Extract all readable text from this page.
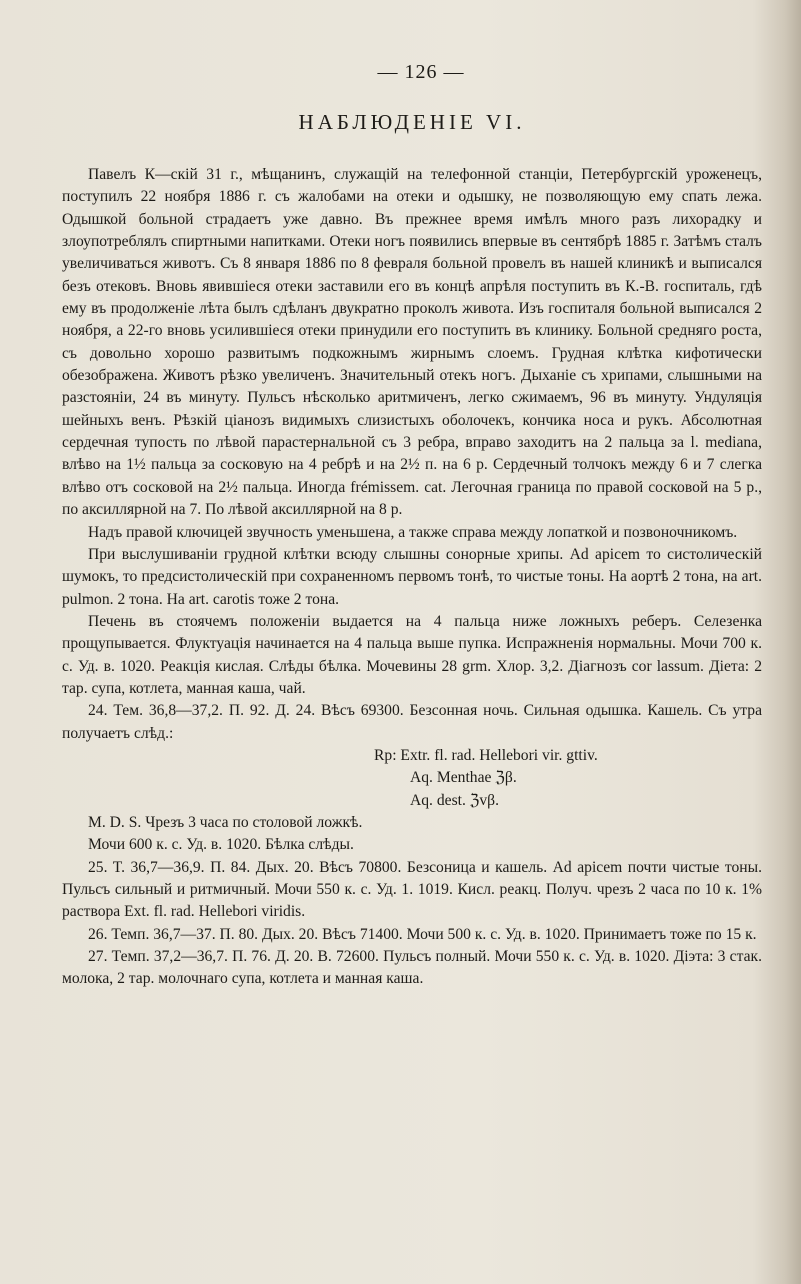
— 126 —
НАБЛЮДЕНІЕ VI.

Павелъ К—скій 31 г., мѣщанинъ, служащій на телефонной станціи, Петербургскій уроженецъ, поступилъ 22 ноября 1886 г. съ жалобами на отеки и одышку, не позволяющую ему спать лежа. Одышкой больной страдаетъ уже давно. Въ прежнее время имѣлъ много разъ лихорадку и злоупотреблялъ спиртными напитками. Отеки ногъ появились впервые въ сентябрѣ 1885 г. Затѣмъ сталъ увеличиваться животъ. Съ 8 января 1886 по 8 февраля больной провелъ въ нашей клиникѣ и выписался безъ отековъ. Вновь явившіеся отеки заставили его въ концѣ апрѣля поступить въ К.-В. госпиталь, гдѣ ему въ продолженіе лѣта былъ сдѣланъ двукратно проколъ живота. Изъ госпиталя больной выписался 2 ноября, а 22-го вновь усилившіеся отеки принудили его поступить въ клинику. Больной средняго роста, съ довольно хорошо развитымъ подкожнымъ жирнымъ слоемъ. Грудная клѣтка кифотически обезображена. Животъ рѣзко увеличенъ. Значительный отекъ ногъ. Дыханіе съ хрипами, слышными на разстояніи, 24 въ минуту. Пульсъ нѣсколько аритмиченъ, легко сжимаемъ, 96 въ минуту. Ундуляція шейныхъ венъ. Рѣзкій ціанозъ видимыхъ слизистыхъ оболочекъ, кончика носа и рукъ. Абсолютная сердечная тупость по лѣвой парастернальной съ 3 ребра, вправо заходитъ на 2 пальца за l. mediana, влѣво на 1½ пальца за сосковую на 4 ребрѣ и на 2½ п. на 6 р. Сердечный толчокъ между 6 и 7 слегка влѣво отъ сосковой на 2½ пальца. Иногда frémissem. cat. Легочная граница по правой сосковой на 5 р., по аксиллярной на 7. По лѣвой аксиллярной на 8 р.

Надъ правой ключицей звучность уменьшена, а также справа между лопаткой и позвоночникомъ.

При выслушиваніи грудной клѣтки всюду слышны сонорные хрипы. Ad apicem то систолическій шумокъ, то предсистолическій при сохраненномъ первомъ тонѣ, то чистые тоны. На аортѣ 2 тона, на art. pulmon. 2 тона. На art. carotis тоже 2 тона.

Печень въ стоячемъ положеніи выдается на 4 пальца ниже ложныхъ реберъ. Селезенка прощупывается. Флуктуація начинается на 4 пальца выше пупка. Испражненія нормальны. Мочи 700 к. с. Уд. в. 1020. Реакція кислая. Слѣды бѣлка. Мочевины 28 grm. Хлор. 3,2. Діагнозъ cor lassum. Діета: 2 тар. супа, котлета, манная каша, чай.

24. Тем. 36,8—37,2. П. 92. Д. 24. Вѣсъ 69300. Безсонная ночь. Сильная одышка. Кашель. Съ утра получаетъ слѣд.:

Rp: Extr. fl. rad. Hellebori vir. gttiv.
Aq. Menthae ℨβ.
Aq. dest. ℨvβ.

M. D. S. Чрезъ 3 часа по столовой ложкѣ.

Мочи 600 к. с. Уд. в. 1020. Бѣлка слѣды.

25. T. 36,7—36,9. П. 84. Дых. 20. Вѣсъ 70800. Безсоница и кашель. Ad apicem почти чистые тоны. Пульсъ сильный и ритмичный. Мочи 550 к. с. Уд. 1. 1019. Кисл. реакц. Получ. чрезъ 2 часа по 10 к. 1% раствора Ext. fl. rad. Hellebori viridis.

26. Темп. 36,7—37. П. 80. Дых. 20. Вѣсъ 71400. Мочи 500 к. с. Уд. в. 1020. Принимаетъ тоже по 15 к.

27. Темп. 37,2—36,7. П. 76. Д. 20. В. 72600. Пульсъ полный. Мочи 550 к. с. Уд. в. 1020. Діэта: 3 стак. молока, 2 тар. молочнаго супа, котлета и манная каша.
